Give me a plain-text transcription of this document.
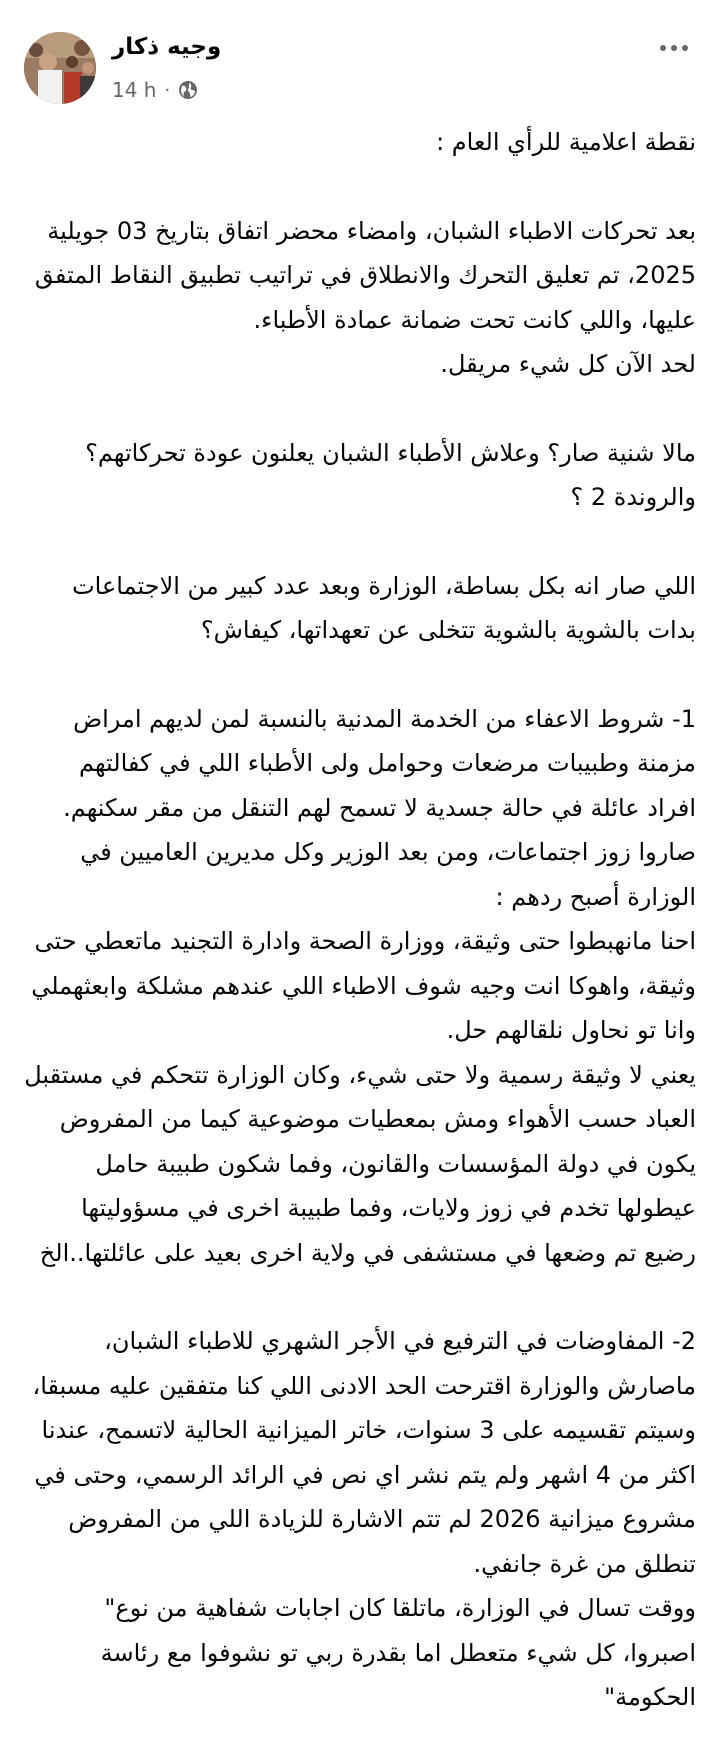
وجيه ذكار
14 h ·

نقطة اعلامية للرأي العام :

بعد تحركات الاطباء الشبان، وامضاء محضر اتفاق بتاريخ 03 جويلية 2025، تم تعليق التحرك والانطلاق في تراتيب تطبيق النقاط المتفق عليها، واللي كانت تحت ضمانة عمادة الأطباء.

لحد الآن كل شيء مريقل.

مالا شنية صار؟ وعلاش الأطباء الشبان يعلنون عودة تحركاتهم؟ والروندة 2 ؟

اللي صار انه بكل بساطة، الوزارة وبعد عدد كبير من الاجتماعات بدات بالشوية بالشوية تتخلى عن تعهداتها، كيفاش؟

1- شروط الاعفاء من الخدمة المدنية بالنسبة لمن لديهم امراض مزمنة وطبيبات مرضعات وحوامل ولى الأطباء اللي في كفالتهم افراد عائلة في حالة جسدية لا تسمح لهم التنقل من مقر سكنهم.

صاروا زوز اجتماعات، ومن بعد الوزير وكل مديرين العاميين في الوزارة أصبح ردهم :

احنا مانهبطوا حتى وثيقة، ووزارة الصحة وادارة التجنيد ماتعطي حتى وثيقة، واهوكا انت وجيه شوف الاطباء اللي عندهم مشلكة وابعثهملي وانا تو نحاول نلقالهم حل.

يعني لا وثيقة رسمية ولا حتى شيء، وكان الوزارة تتحكم في مستقبل العباد حسب الأهواء ومش بمعطيات موضوعية كيما من المفروض يكون في دولة المؤسسات والقانون، وفما شكون طبيبة حامل عيطولها تخدم في زوز ولايات، وفما طبيبة اخرى في مسؤوليتها رضيع تم وضعها في مستشفى في ولاية اخرى بعيد على عائلتها..الخ

2- المفاوضات في الترفيع في الأجر الشهري للاطباء الشبان، ماصارش والوزارة اقترحت الحد الادنى اللي كنا متفقين عليه مسبقا، وسيتم تقسيمه على 3 سنوات، خاتر الميزانية الحالية لاتسمح، عندنا اكثر من 4 اشهر ولم يتم نشر اي نص في الرائد الرسمي، وحتى في مشروع ميزانية 2026 لم تتم الاشارة للزيادة اللي من المفروض تنطلق من غرة جانفي.

ووقت تسال في الوزارة، ماتلقا كان اجابات شفاهية من نوع" اصبروا، كل شيء متعطل اما بقدرة ربي تو نشوفوا مع رئاسة الحكومة"
